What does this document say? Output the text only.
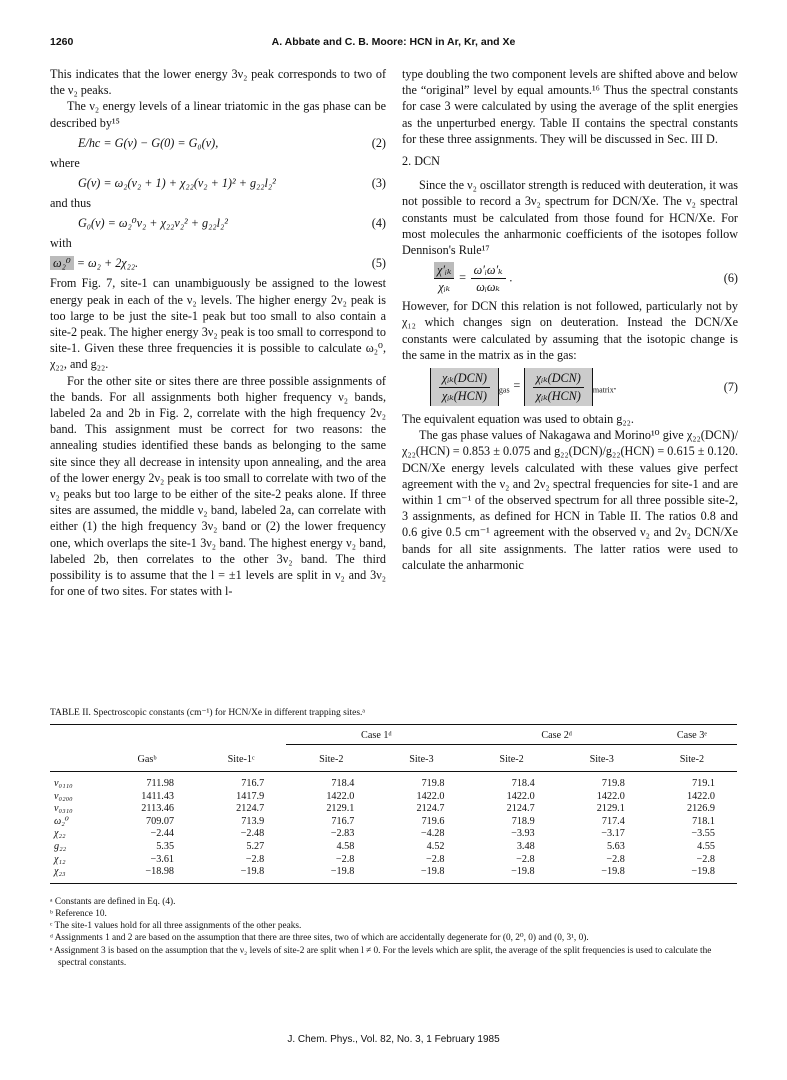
1260	A. Abbate and C. B. Moore: HCN in Ar, Kr, and Xe

This indicates that the lower energy 3ν₂ peak corresponds to two of the ν₂ peaks.

The ν₂ energy levels of a linear triatomic in the gas phase can be described by¹⁵

E/hc = G(v) − G(0) = G₀(v),	(2)

where

G(v) = ω₂(v₂ + 1) + χ₂₂(v₂ + 1)² + g₂₂l₂²	(3)

and thus

G₀(v) = ω₂⁰v₂ + χ₂₂v₂² + g₂₂l₂²	(4)

with

ω₂⁰ = ω₂ + 2χ₂₂.	(5)

From Fig. 7, site-1 can unambiguously be assigned to the lowest energy peak in each of the ν₂ levels. The higher energy 2ν₂ peak is too large to be just the site-1 peak but too small to also contain a site-2 peak. The higher energy 3ν₂ peak is too small to correspond to site-1. Given these three frequencies it is possible to calculate ω₂⁰, χ₂₂, and g₂₂.

For the other site or sites there are three possible assignments of the bands. For all assignments both higher frequency ν₂ bands, labeled 2a and 2b in Fig. 2, correlate with the high frequency 2ν₂ band. This assignment must be correct for two reasons: the annealing studies identified these bands as belonging to the same site since they all decrease in intensity upon annealing, and the area of the lower energy 2ν₂ peak is too small to correlate with two of the ν₂ peaks but too large to be either of the site-2 peaks alone. If three sites are assumed, the middle ν₂ band, labeled 2a, can correlate with either (1) the high frequency 3ν₂ band or (2) the lower frequency one, which overlaps the site-1 3ν₂ band. The highest energy ν₂ band, labeled 2b, then correlates to the other 3ν₂ band. The third possibility is to assume that the l = ±1 levels are split in ν₂ and 3ν₂ for one of two sites. For states with l-

type doubling the two component levels are shifted above and below the “original” level by equal amounts.¹⁶ Thus the spectral constants for case 3 were calculated by using the average of the split energies as the unperturbed energy. Table II contains the spectral constants for these three assignments. They will be discussed in Sec. III D.

2. DCN

Since the ν₂ oscillator strength is reduced with deuteration, it was not possible to record a 3ν₂ spectrum for DCN/Xe. The ν₂ spectral constants must be calculated from those found for HCN/Xe. For most molecules the anharmonic coefficients of the isotopes follow Dennison's Rule¹⁷

$\frac{\text{χ′ᵢₖ}}{\text{χᵢₖ}} = \frac{\text{ω′ᵢω′ₖ}}{\text{ωᵢωₖ}}$ .	(6)

However, for DCN this relation is not followed, particularly not by χ₁₂ which changes sign on deuteration. Instead the DCN/Xe constants were calculated by assuming that the isotopic change is the same in the matrix as in the gas:

$\frac{\text{χᵢₖ(DCN)}}{\text{χᵢₖ(HCN)}} _{gas} = \frac{\text{χᵢₖ(DCN)}}{\text{χᵢₖ(HCN)}} _{matrix}$.	(7)

The equivalent equation was used to obtain g₂₂.

The gas phase values of Nakagawa and Morino¹⁰ give χ₂₂(DCN)/χ₂₂(HCN) = 0.853 ± 0.075 and g₂₂(DCN)/g₂₂(HCN) = 0.615 ± 0.120. DCN/Xe energy levels calculated with these values give perfect agreement with the ν₂ and 2ν₂ spectral frequencies for site-1 and are within 1 cm⁻¹ of the observed spectrum for all three possible site-2, 3 assignments, as defined for HCN in Table II. The ratios 0.8 and 0.6 give 0.5 cm⁻¹ agreement with the observed ν₂ and 2ν₂ DCN/Xe bands for all site assignments. The latter ratios were used to calculate the anharmonic

TABLE II. Spectroscopic constants (cm⁻¹) for HCN/Xe in different trapping sites.ᵃ
			Case 1ᵈ		Case 2ᵈ		Case 3ᵉ
	Gasᵇ	Site-1ᶜ	Site-2	Site-3	Site-2	Site-3	Site-2
ν₀₁₁₀	711.98	716.7	718.4	719.8	718.4	719.8	719.1
ν₀₂₀₀	1411.43	1417.9	1422.0	1422.0	1422.0	1422.0	1422.0
ν₀₃₁₀	2113.46	2124.7	2129.1	2124.7	2124.7	2129.1	2126.9
ω₂⁰	709.07	713.9	716.7	719.6	718.9	717.4	718.1
χ₂₂	−2.44	−2.48	−2.83	−4.28	−3.93	−3.17	−3.55
g₂₂	5.35	5.27	4.58	4.52	3.48	5.63	4.55
χ₁₂	−3.61	−2.8	−2.8	−2.8	−2.8	−2.8	−2.8
χ₂₃	−18.98	−19.8	−19.8	−19.8	−19.8	−19.8	−19.8
ᵃ Constants are defined in Eq. (4).
ᵇ Reference 10.
ᶜ The site-1 values hold for all three assignments of the other peaks.
ᵈ Assignments 1 and 2 are based on the assumption that there are three sites, two of which are accidentally degenerate for (0, 2⁰, 0) and (0, 3¹, 0).
ᵉ Assignment 3 is based on the assumption that the ν₂ levels of site-2 are split when l ≠ 0. For the levels which are split, the average of the split frequencies is used to calculate the spectral constants.
J. Chem. Phys., Vol. 82, No. 3, 1 February 1985
